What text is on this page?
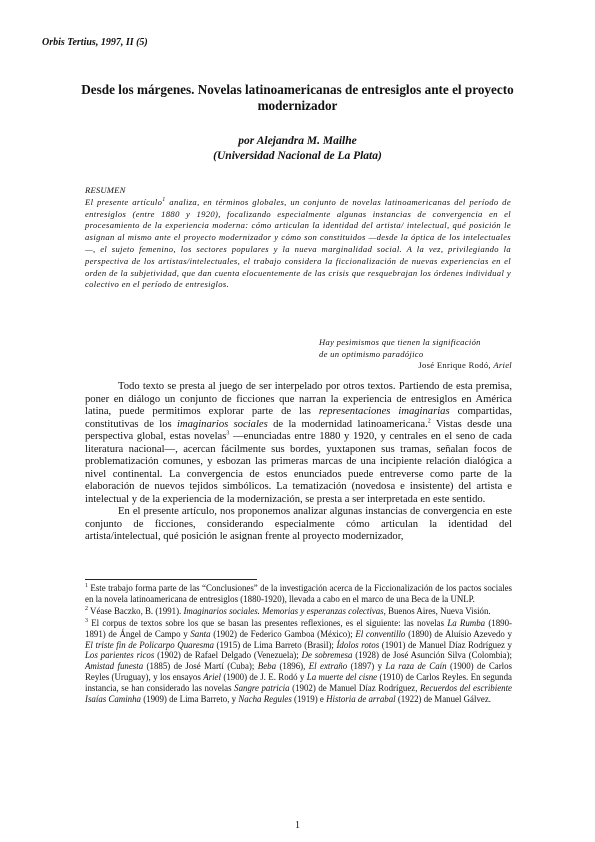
Orbis Tertius, 1997, II (5)
Desde los márgenes. Novelas latinoamericanas de entresiglos ante el proyecto modernizador
por Alejandra M. Mailhe
(Universidad Nacional de La Plata)
RESUMEN
El presente artículo$^1$ analiza, en términos globales, un conjunto de novelas latinoamericanas del período de entresiglos (entre 1880 y 1920), focalizando especialmente algunas instancias de convergencia en el procesamiento de la experiencia moderna: cómo articulan la identidad del artista/ intelectual, qué posición le asignan al mismo ante el proyecto modernizador y cómo son constituidos —desde la óptica de los intelectuales—, el sujeto femenino, los sectores populares y la nueva marginalidad social. A la vez, privilegiando la perspectiva de los artistas/intelectuales, el trabajo considera la ficcionalización de nuevas experiencias en el orden de la subjetividad, que dan cuenta elocuentemente de las crisis que resquebrajan los órdenes individual y colectivo en el período de entresiglos.
Hay pesimismos que tienen la significación
de un optimismo paradójico
José Enrique Rodó, Ariel

Todo texto se presta al juego de ser interpelado por otros textos. Partiendo de esta premisa, poner en diálogo un conjunto de ficciones que narran la experiencia de entresiglos en América latina, puede permitimos explorar parte de las representaciones imaginarias compartidas, constitutivas de los imaginarios sociales de la modernidad latinoamericana.$^2$ Vistas desde una perspectiva global, estas novelas$^3$ —enunciadas entre 1880 y 1920, y centrales en el seno de cada literatura nacional—, acercan fácilmente sus bordes, yuxtaponen sus tramas, señalan focos de problematización comunes, y esbozan las primeras marcas de una incipiente relación dialógica a nivel continental. La convergencia de estos enunciados puede entreverse como parte de la elaboración de nuevos tejidos simbólicos. La tematización (novedosa e insistente) del artista e intelectual y de la experiencia de la modernización, se presta a ser interpretada en este sentido.

En el presente artículo, nos proponemos analizar algunas instancias de convergencia en este conjunto de ficciones, considerando especialmente cómo articulan la identidad del artista/intelectual, qué posición le asignan frente al proyecto modernizador,

$^1$ Este trabajo forma parte de las “Conclusiones” de la investigación acerca de la Ficcionalización de los pactos sociales en la novela latinoamericana de entresiglos (1880-1920), llevada a cabo en el marco de una Beca de la UNLP.

$^2$ Véase Baczko, B. (1991). Imaginarios sociales. Memorias y esperanzas colectivas, Buenos Aires, Nueva Visión.

$^3$ El corpus de textos sobre los que se basan las presentes reflexiones, es el siguiente: las novelas La Rumba (1890-1891) de Ángel de Campo y Santa (1902) de Federico Gamboa (México); El conventillo (1890) de Aluísio Azevedo y El triste fin de Policarpo Quaresma (1915) de Lima Barreto (Brasil); Ídolos rotos (1901) de Manuel Díaz Rodríguez y Los parientes ricos (1902) de Rafael Delgado (Venezuela); De sobremesa (1928) de José Asunción Silva (Colombia); Amistad funesta (1885) de José Martí (Cuba); Beba (1896), El extraño (1897) y La raza de Caín (1900) de Carlos Reyles (Uruguay), y los ensayos Ariel (1900) de J. E. Rodó y La muerte del cisne (1910) de Carlos Reyles. En segunda instancia, se han considerado las novelas Sangre patricia (1902) de Manuel Díaz Rodríguez, Recuerdos del escribiente Isaías Caminha (1909) de Lima Barreto, y Nacha Regules (1919) e Historia de arrabal (1922) de Manuel Gálvez.

1
